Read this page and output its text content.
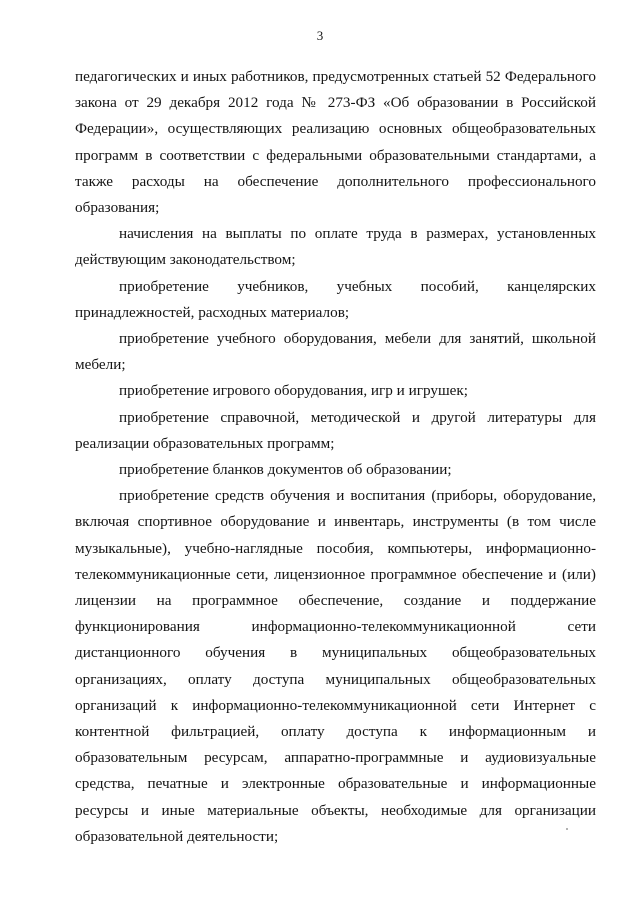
3

педагогических и иных работников, предусмотренных статьей 52 Федерального закона от 29 декабря 2012 года № 273-ФЗ «Об образовании в Российской Федерации», осуществляющих реализацию основных общеобразовательных программ в соответствии с федеральными образовательными стандартами, а также расходы на обеспечение дополнительного профессионального образования;

начисления на выплаты по оплате труда в размерах, установленных действующим законодательством;

приобретение учебников, учебных пособий, канцелярских принадлежностей, расходных материалов;

приобретение учебного оборудования, мебели для занятий, школьной мебели;

приобретение игрового оборудования, игр и игрушек;

приобретение справочной, методической и другой литературы для реализации образовательных программ;

приобретение бланков документов об образовании;

приобретение средств обучения и воспитания (приборы, оборудование, включая спортивное оборудование и инвентарь, инструменты (в том числе музыкальные), учебно-наглядные пособия, компьютеры, информационно-телекоммуникационные сети, лицензионное программное обеспечение и (или) лицензии на программное обеспечение, создание и поддержание функционирования информационно-телекоммуникационной сети дистанционного обучения в муниципальных общеобразовательных организациях, оплату доступа муниципальных общеобразовательных организаций к информационно-телекоммуникационной сети Интернет с контентной фильтрацией, оплату доступа к информационным и образовательным ресурсам, аппаратно-программные и аудиовизуальные средства, печатные и электронные образовательные и информационные ресурсы и иные материальные объекты, необходимые для организации образовательной деятельности;
